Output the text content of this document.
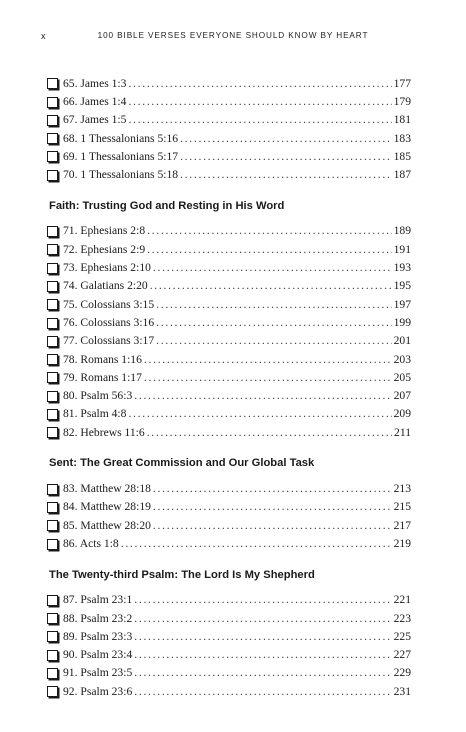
x	100 BIBLE VERSES EVERYONE SHOULD KNOW BY HEART
65. James 1:3 . . .	177
66. James 1:4 . . .	179
67. James 1:5 . . .	181
68. 1 Thessalonians 5:16 . . .	183
69. 1 Thessalonians 5:17 . . .	185
70. 1 Thessalonians 5:18 . . .	187
Faith: Trusting God and Resting in His Word
71. Ephesians 2:8 . . .	189
72. Ephesians 2:9 . . .	191
73. Ephesians 2:10 . . .	193
74. Galatians 2:20 . . .	195
75. Colossians 3:15 . . .	197
76. Colossians 3:16 . . .	199
77. Colossians 3:17 . . .	201
78. Romans 1:16 . . .	203
79. Romans 1:17 . . .	205
80. Psalm 56:3 . . .	207
81. Psalm 4:8 . . .	209
82. Hebrews 11:6 . . .	211
Sent: The Great Commission and Our Global Task
83. Matthew 28:18 . . .	213
84. Matthew 28:19 . . .	215
85. Matthew 28:20 . . .	217
86. Acts 1:8 . . .	219
The Twenty-third Psalm: The Lord Is My Shepherd
87. Psalm 23:1 . . .	221
88. Psalm 23:2 . . .	223
89. Psalm 23:3 . . .	225
90. Psalm 23:4 . . .	227
91. Psalm 23:5 . . .	229
92. Psalm 23:6 . . .	231
